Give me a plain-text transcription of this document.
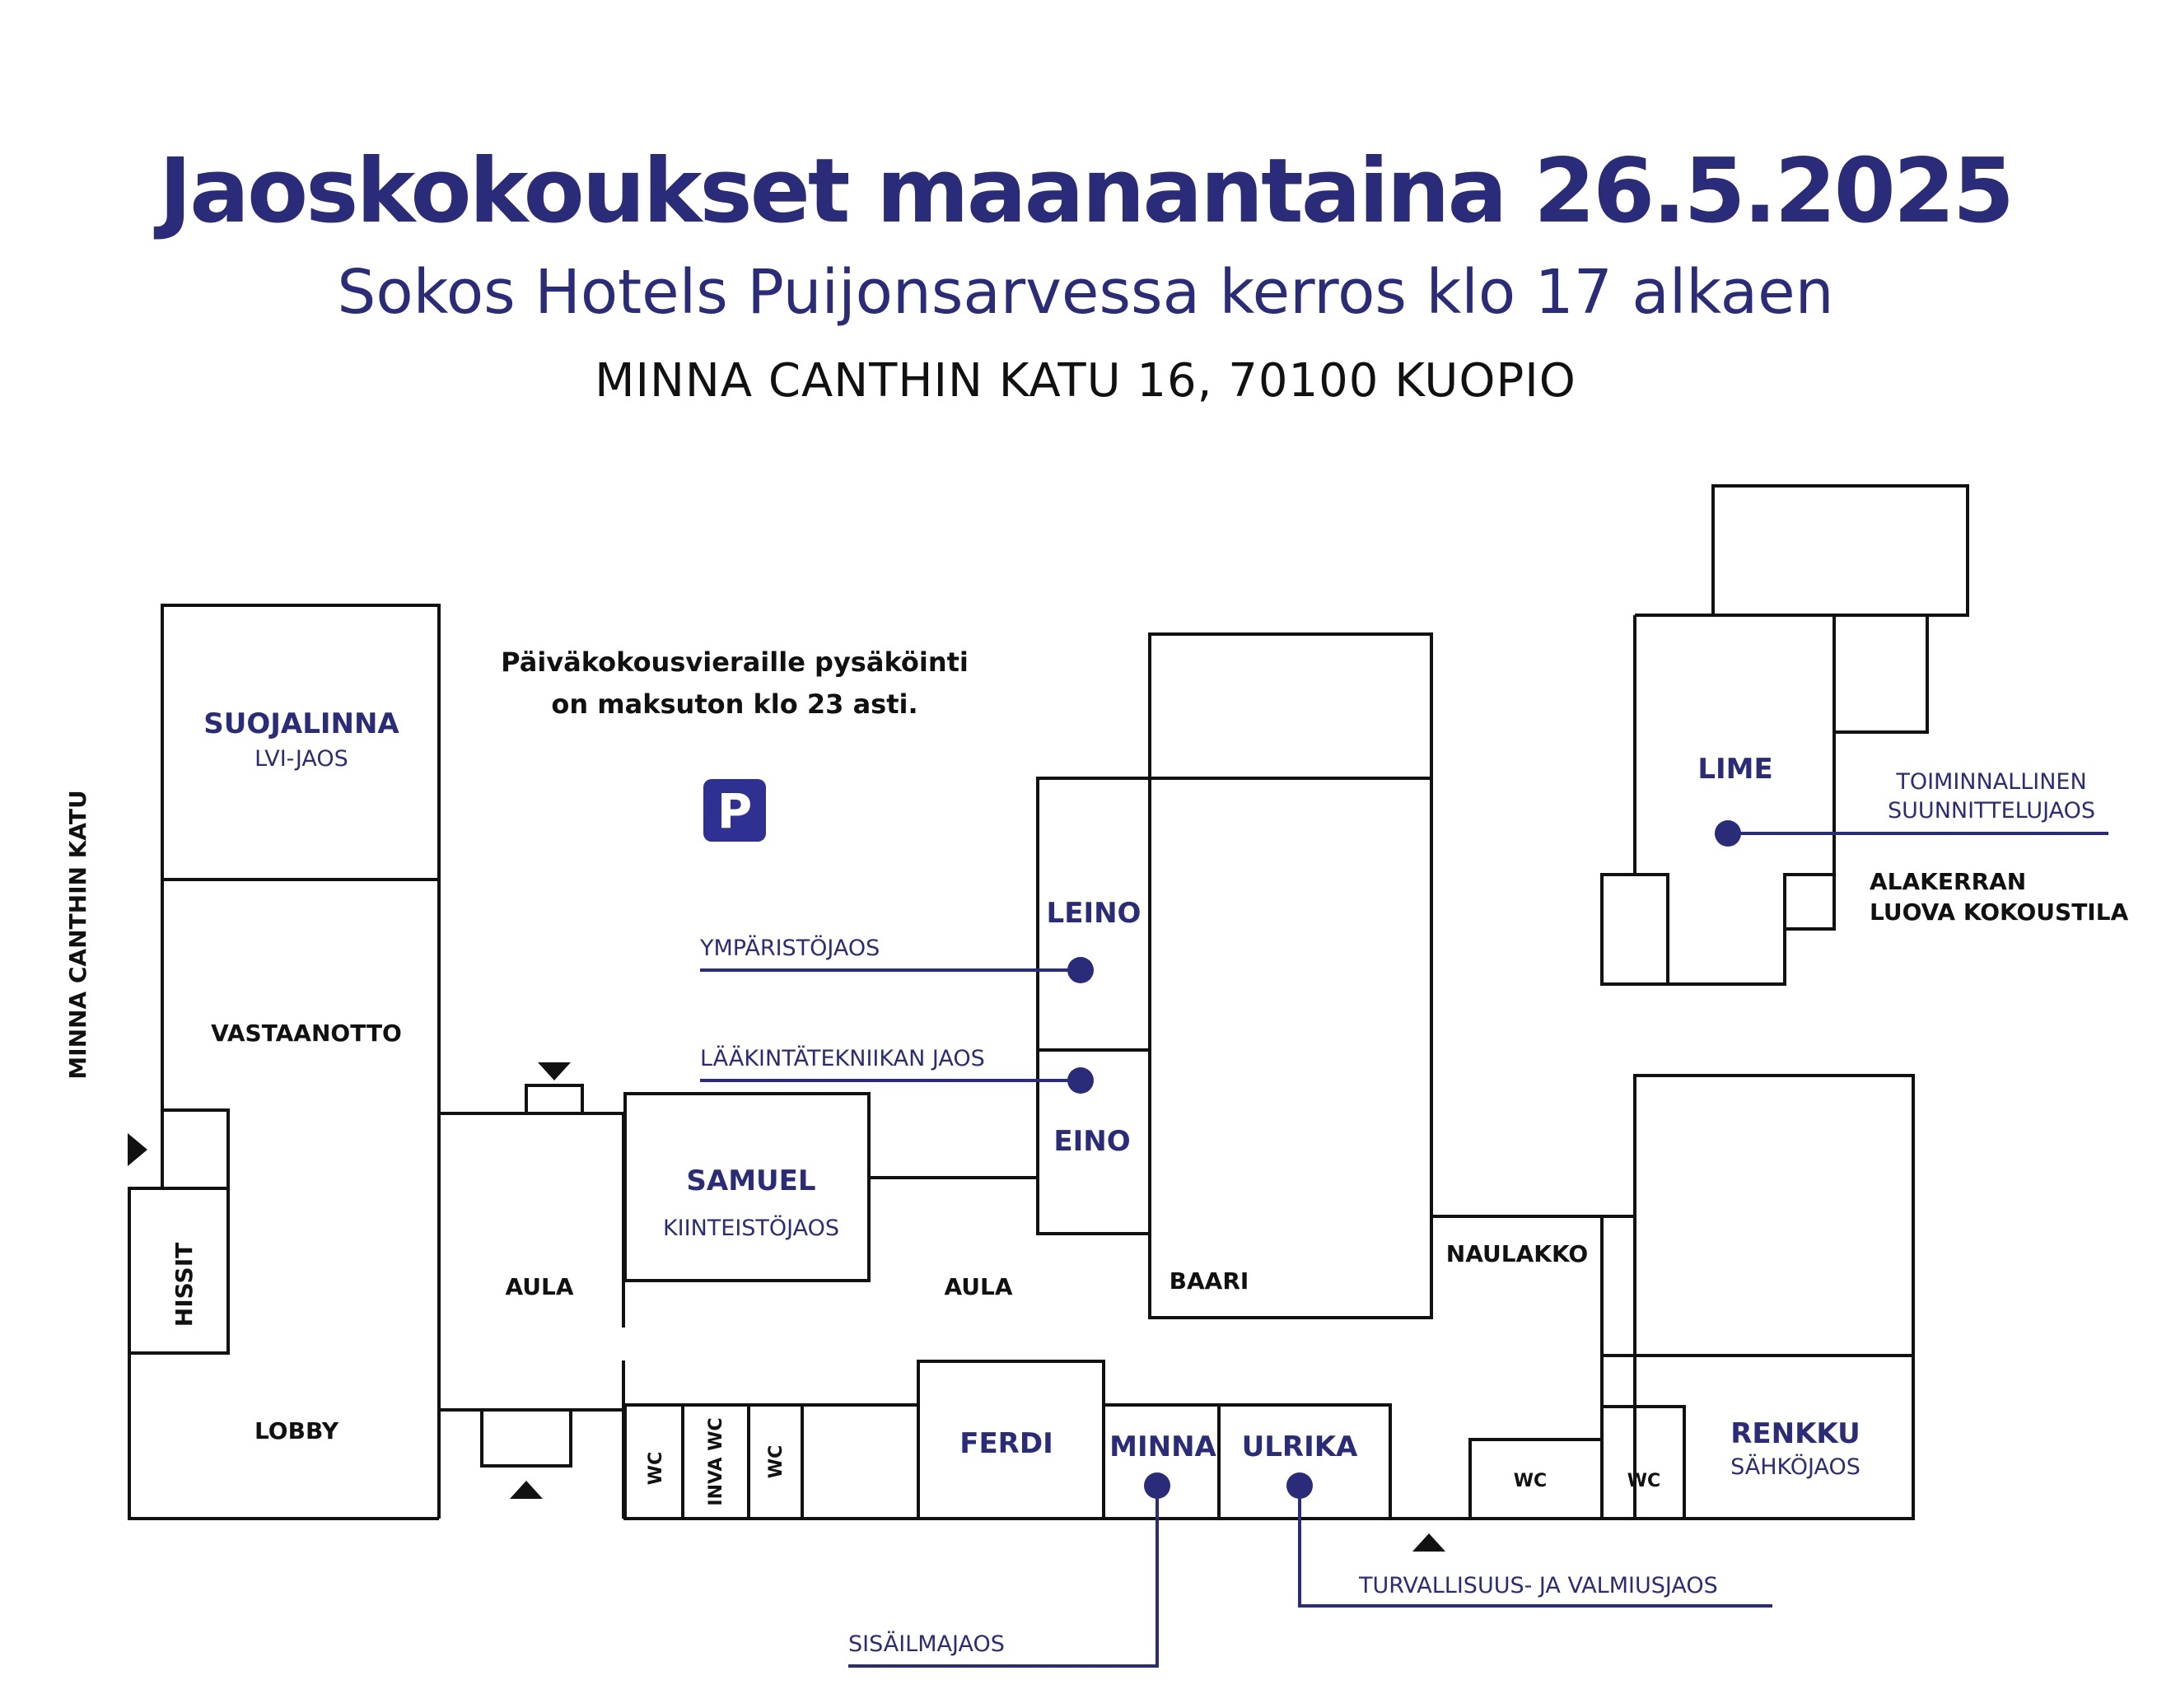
Jaoskokoukset maanantaina 26.5.2025
Sokos Hotels Puijonsarvessa kerros klo 17 alkaen
MINNA CANTHIN KATU 16, 70100 KUOPIO
P
Päiväkokousvieraille pysäköinti
on maksuton klo 23 asti.
MINNA CANTHIN KATU
SUOJALINNA
LVI-JAOS
VASTAANOTTO
HISSIT
LOBBY
AULA
SAMUEL
KIINTEISTÖJAOS
AULA
LEINO
EINO
BAARI
NAULAKKO
LIME
ALAKERRAN
LUOVA KOKOUSTILA
WC INVA WC WC
FERDI MINNA ULRIKA
WC	WC
RENKKU
SÄHKÖJAOS
YMPÄRISTÖJAOS
LÄÄKINTÄTEKNIIKAN JAOS
TOIMINNALLINEN
SUUNNITTELUJAOS
SISÄILMAJAOS
TURVALLISUUS- JA VALMIUSJAOS
